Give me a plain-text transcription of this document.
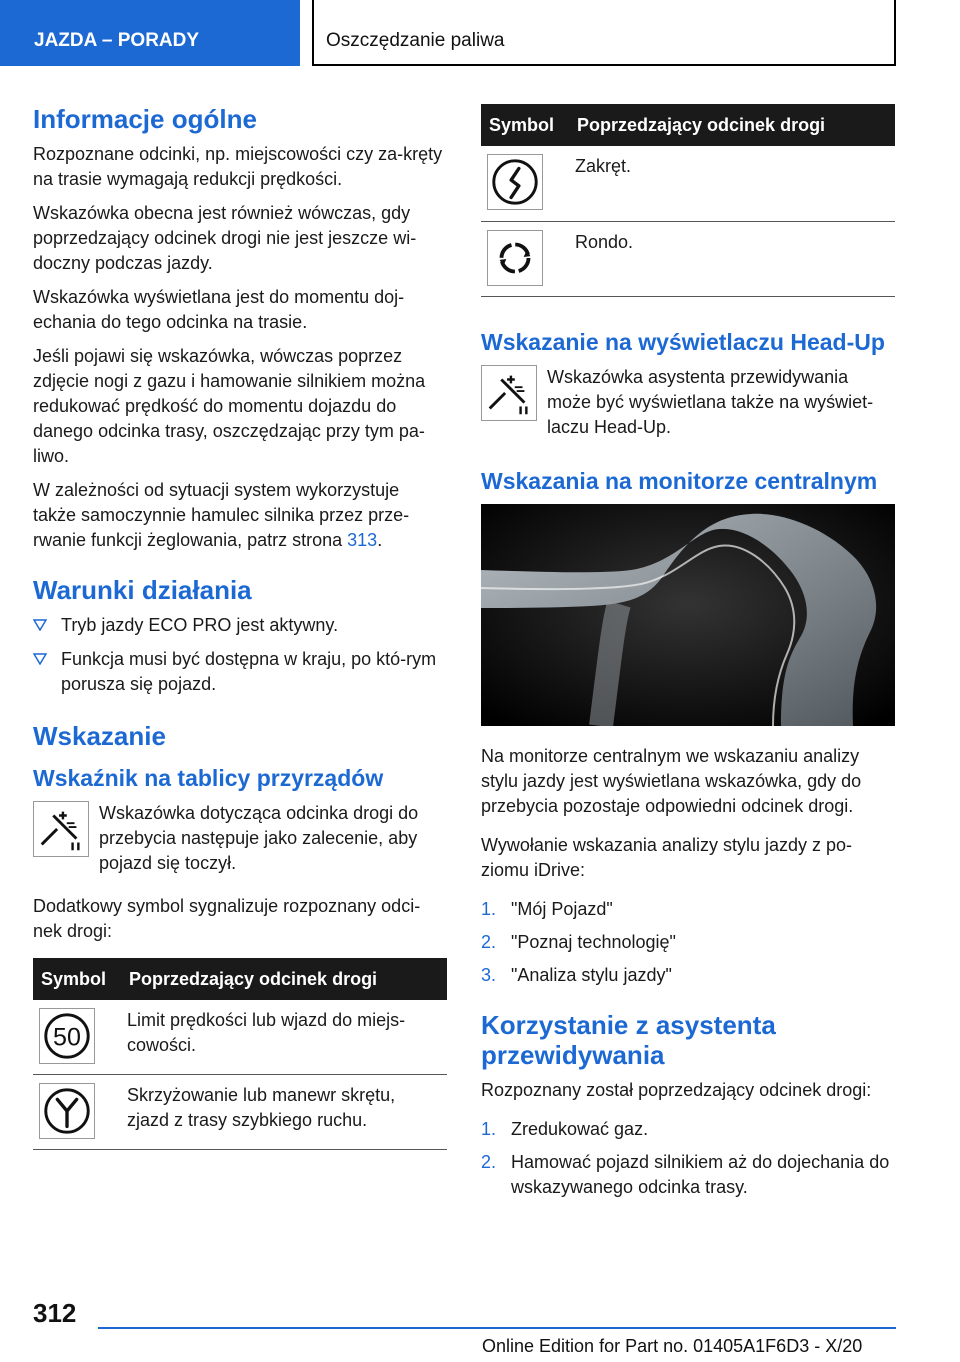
JAZDA – PORADY	Oszczędzanie paliwa
Informacje ogólne

Rozpoznane odcinki, np. miejscowości czy za-kręty na trasie wymagają redukcji prędkości.

Wskazówka obecna jest również wówczas, gdy poprzedzający odcinek drogi nie jest jeszcze wi-doczny podczas jazdy.

Wskazówka wyświetlana jest do momentu doj-echania do tego odcinka na trasie.

Jeśli pojawi się wskazówka, wówczas poprzez zdjęcie nogi z gazu i hamowanie silnikiem można redukować prędkość do momentu dojazdu do danego odcinka trasy, oszczędzając przy tym pa-liwo.

W zależności od sytuacji system wykorzystuje także samoczynnie hamulec silnika przez prze-rwanie funkcji żeglowania, patrz strona 313.

Warunki działania
Tryb jazdy ECO PRO jest aktywny.
Funkcja musi być dostępna w kraju, po któ-rym porusza się pojazd.
Wskazanie
Wskaźnik na tablicy przyrządów

Wskazówka dotycząca odcinka drogi do przebycia następuje jako zalecenie, aby pojazd się toczył.

Dodatkowy symbol sygnalizuje rozpoznany odci-nek drogi:

Symbol	Poprzedzający odcinek drogi

50	Limit prędkości lub wjazd do miejs-cowości.

	Skrzyżowanie lub manewr skrętu, zjazd z trasy szybkiego ruchu.
Symbol	Poprzedzający odcinek drogi

	Zakręt.

	Rondo.
Wskazanie na wyświetlaczu Head-Up

Wskazówka asystenta przewidywania może być wyświetlana także na wyświet-laczu Head-Up.

Wskazania na monitorze centralnym

Na monitorze centralnym we wskazaniu analizy stylu jazdy jest wyświetlana wskazówka, gdy do przebycia pozostaje odpowiedni odcinek drogi.

Wywołanie wskazania analizy stylu jazdy z po-ziomu iDrive:

1. "Mój Pojazd"
2. "Poznaj technologię"
3. "Analiza stylu jazdy"
Korzystanie z asystenta przewidywania

Rozpoznany został poprzedzający odcinek drogi:

1. Zredukować gaz.
2. Hamować pojazd silnikiem aż do dojechania do wskazywanego odcinka trasy.
312
Online Edition for Part no. 01405A1F6D3 - X/20
